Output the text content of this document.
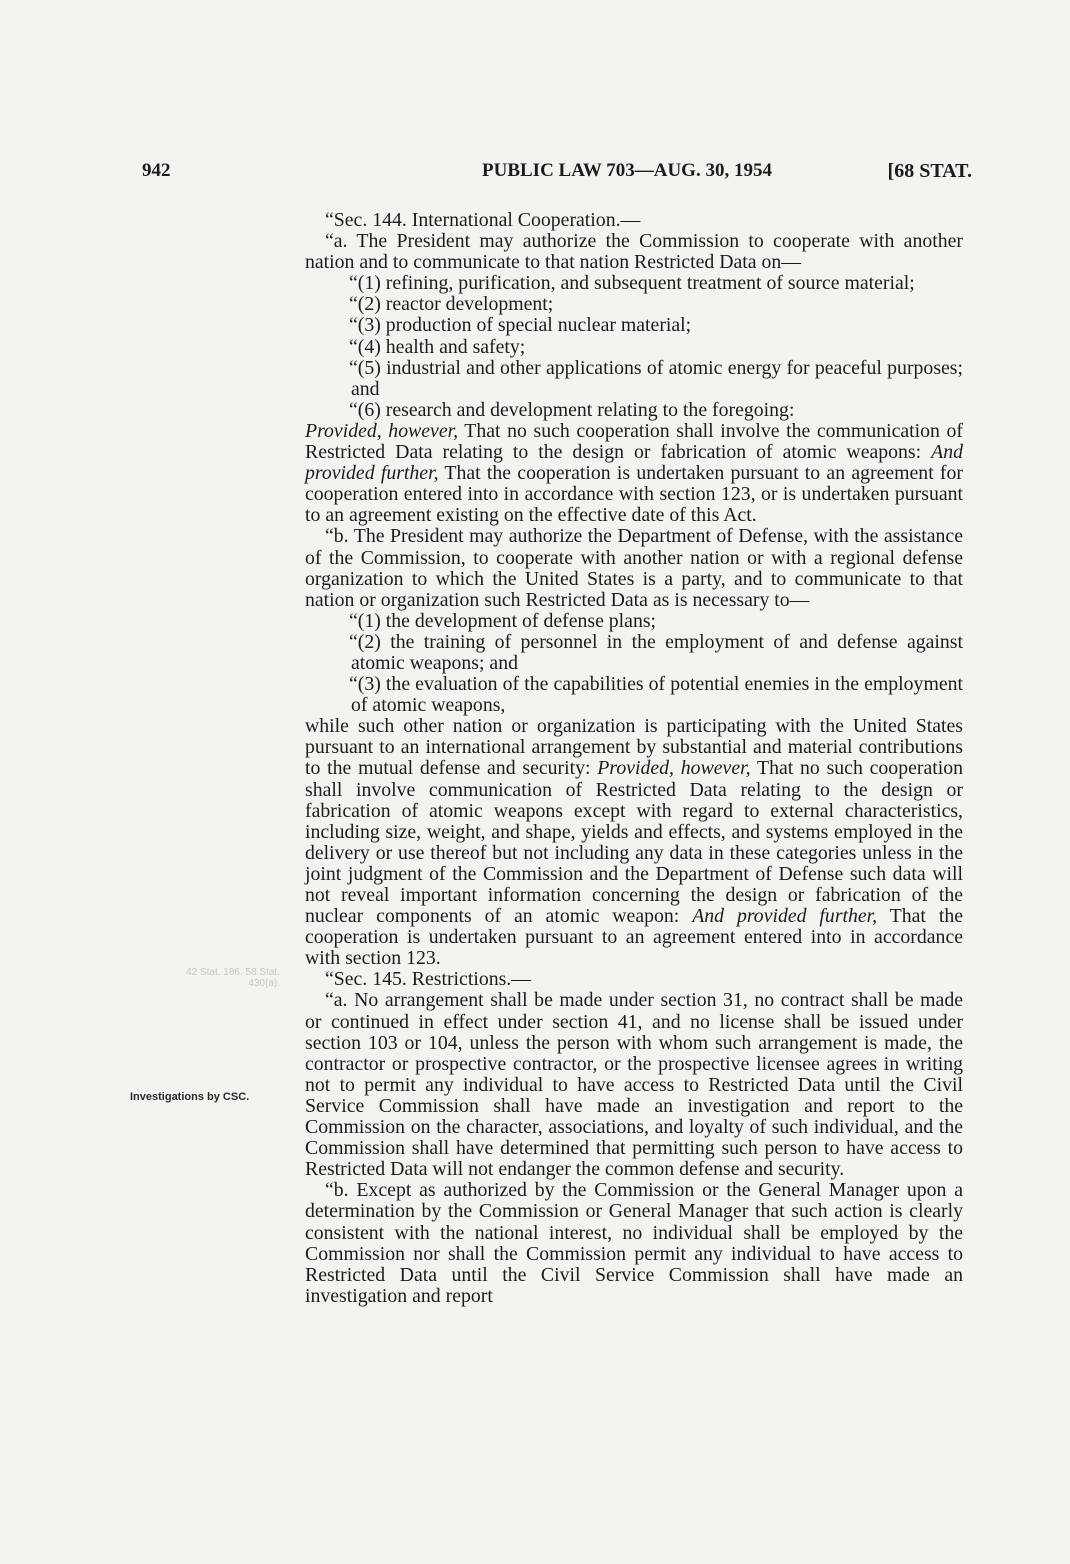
942	PUBLIC LAW 703—AUG. 30, 1954	[68 STAT.
42 Stat. 186. 58 Stat. 430(a).
Investigations by CSC.

“Sec. 144. International Cooperation.—

“a. The President may authorize the Commission to cooperate with another nation and to communicate to that nation Restricted Data on—

“(1) refining, purification, and subsequent treatment of source material;

“(2) reactor development;

“(3) production of special nuclear material;

“(4) health and safety;

“(5) industrial and other applications of atomic energy for peaceful purposes; and

“(6) research and development relating to the foregoing:

Provided, however, That no such cooperation shall involve the communication of Restricted Data relating to the design or fabrication of atomic weapons: And provided further, That the cooperation is undertaken pursuant to an agreement for cooperation entered into in accordance with section 123, or is undertaken pursuant to an agreement existing on the effective date of this Act.

“b. The President may authorize the Department of Defense, with the assistance of the Commission, to cooperate with another nation or with a regional defense organization to which the United States is a party, and to communicate to that nation or organization such Restricted Data as is necessary to—

“(1) the development of defense plans;

“(2) the training of personnel in the employment of and defense against atomic weapons; and

“(3) the evaluation of the capabilities of potential enemies in the employment of atomic weapons,

while such other nation or organization is participating with the United States pursuant to an international arrangement by substantial and material contributions to the mutual defense and security: Provided, however, That no such cooperation shall involve communication of Restricted Data relating to the design or fabrication of atomic weapons except with regard to external characteristics, including size, weight, and shape, yields and effects, and systems employed in the delivery or use thereof but not including any data in these categories unless in the joint judgment of the Commission and the Department of Defense such data will not reveal important information concerning the design or fabrication of the nuclear components of an atomic weapon: And provided further, That the cooperation is undertaken pursuant to an agreement entered into in accordance with section 123.

“Sec. 145. Restrictions.—

“a. No arrangement shall be made under section 31, no contract shall be made or continued in effect under section 41, and no license shall be issued under section 103 or 104, unless the person with whom such arrangement is made, the contractor or prospective contractor, or the prospective licensee agrees in writing not to permit any individual to have access to Restricted Data until the Civil Service Commission shall have made an investigation and report to the Commission on the character, associations, and loyalty of such individual, and the Commission shall have determined that permitting such person to have access to Restricted Data will not endanger the common defense and security.

“b. Except as authorized by the Commission or the General Manager upon a determination by the Commission or General Manager that such action is clearly consistent with the national interest, no individual shall be employed by the Commission nor shall the Commission permit any individual to have access to Restricted Data until the Civil Service Commission shall have made an investigation and report
